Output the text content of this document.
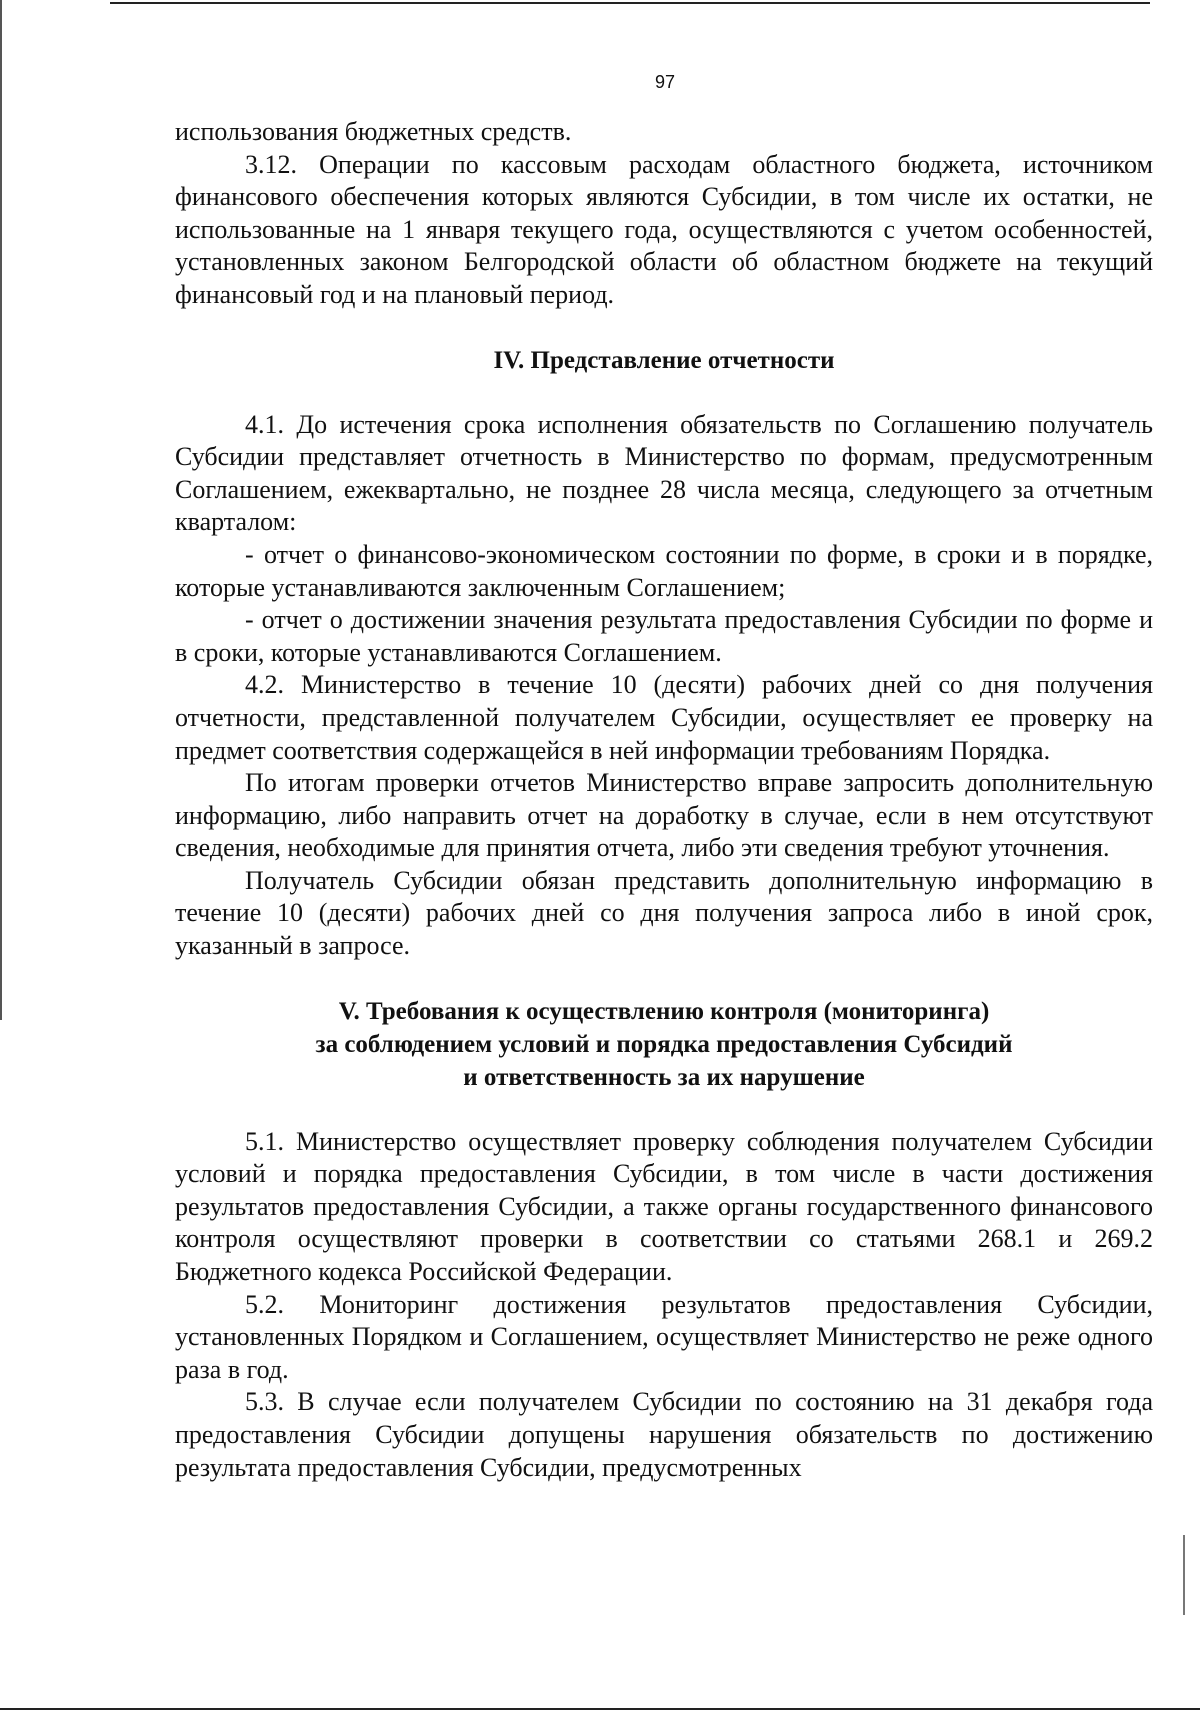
97

использования бюджетных средств.

3.12. Операции по кассовым расходам областного бюджета, источником финансового обеспечения которых являются Субсидии, в том числе их остатки, не использованные на 1 января текущего года, осуществляются с учетом особенностей, установленных законом Белгородской области об областном бюджете на текущий финансовый год и на плановый период.

IV. Представление отчетности

4.1. До истечения срока исполнения обязательств по Соглашению получатель Субсидии представляет отчетность в Министерство по формам, предусмотренным Соглашением, ежеквартально, не позднее 28 числа месяца, следующего за отчетным кварталом:

- отчет о финансово-экономическом состоянии по форме, в сроки и в порядке, которые устанавливаются заключенным Соглашением;

- отчет о достижении значения результата предоставления Субсидии по форме и в сроки, которые устанавливаются Соглашением.

4.2. Министерство в течение 10 (десяти) рабочих дней со дня получения отчетности, представленной получателем Субсидии, осуществляет ее проверку на предмет соответствия содержащейся в ней информации требованиям Порядка.

По итогам проверки отчетов Министерство вправе запросить дополнительную информацию, либо направить отчет на доработку в случае, если в нем отсутствуют сведения, необходимые для принятия отчета, либо эти сведения требуют уточнения.

Получатель Субсидии обязан представить дополнительную информацию в течение 10 (десяти) рабочих дней со дня получения запроса либо в иной срок, указанный в запросе.

V. Требования к осуществлению контроля (мониторинга)
за соблюдением условий и порядка предоставления Субсидий
и ответственность за их нарушение

5.1. Министерство осуществляет проверку соблюдения получателем Субсидии условий и порядка предоставления Субсидии, в том числе в части достижения результатов предоставления Субсидии, а также органы государственного финансового контроля осуществляют проверки в соответствии со статьями 268.1 и 269.2 Бюджетного кодекса Российской Федерации.

5.2. Мониторинг достижения результатов предоставления Субсидии, установленных Порядком и Соглашением, осуществляет Министерство не реже одного раза в год.

5.3. В случае если получателем Субсидии по состоянию на 31 декабря года предоставления Субсидии допущены нарушения обязательств по достижению результата предоставления Субсидии, предусмотренных
